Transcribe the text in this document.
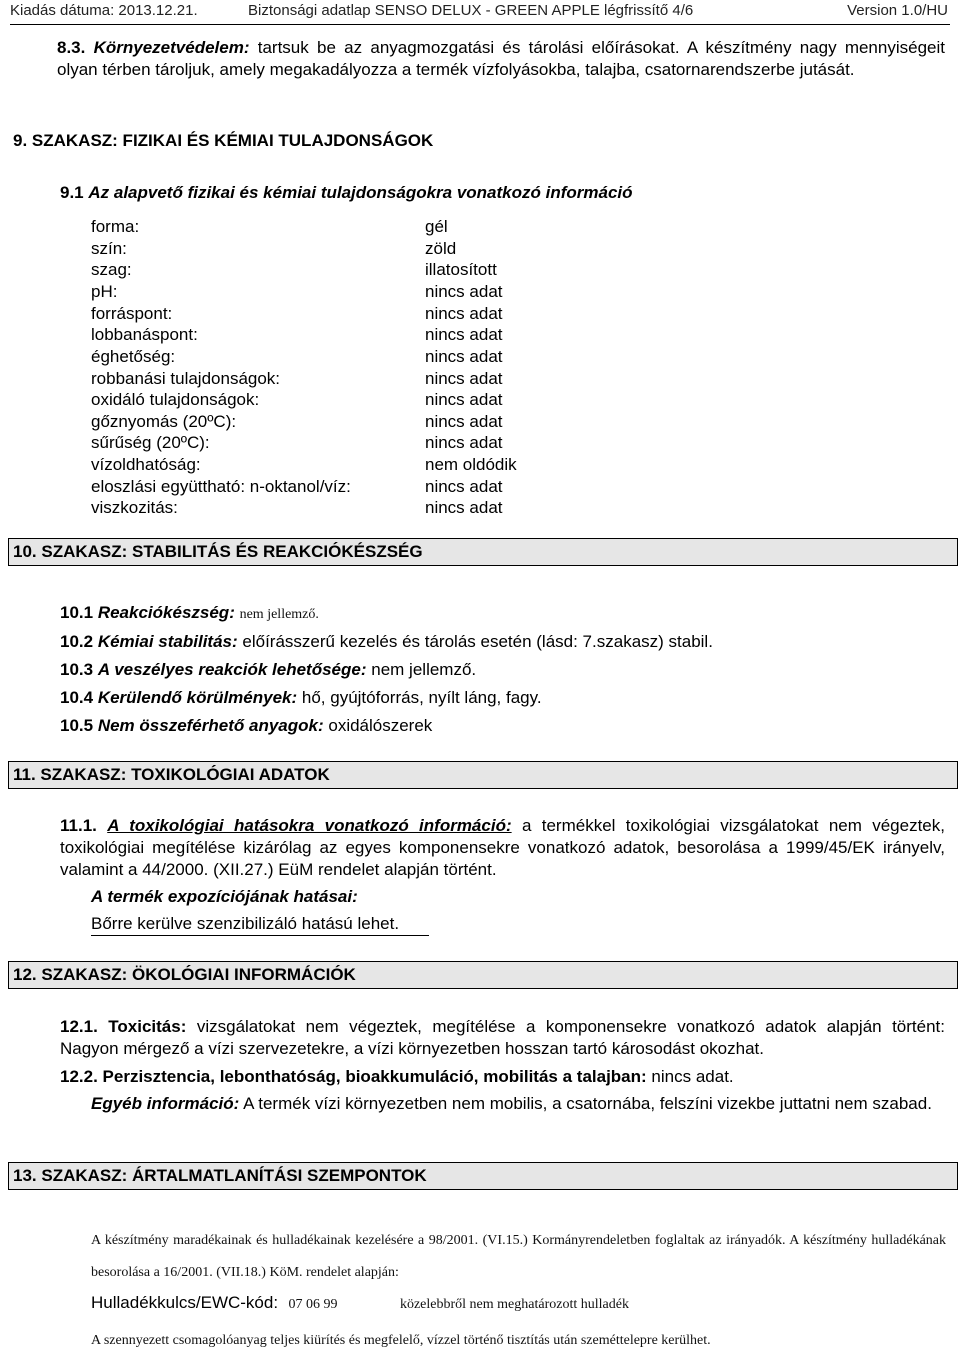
Kiadás dátuma: 2013.12.21.	Biztonsági adatlap SENSO DELUX - GREEN APPLE légfrissítő 4/6	Version 1.0/HU
8.3. Környezetvédelem: tartsuk be az anyagmozgatási és tárolási előírásokat. A készítmény nagy mennyiségeit olyan térben tároljuk, amely megakadályozza a termék vízfolyásokba, talajba, csatornarendszerbe jutását.
9. SZAKASZ: FIZIKAI ÉS KÉMIAI TULAJDONSÁGOK
9.1 Az alapvető fizikai és kémiai tulajdonságokra vonatkozó információ
forma:	gél
szín:	zöld
szag:	illatosított
pH:	nincs adat
forráspont:	nincs adat
lobbanáspont:	nincs adat
éghetőség:	nincs adat
robbanási tulajdonságok:	nincs adat
oxidáló tulajdonságok:	nincs adat
gőznyomás (20ºC):	nincs adat
sűrűség (20ºC):	nincs adat
vízoldhatóság:	nem oldódik
eloszlási együttható: n-oktanol/víz:	nincs adat
viszkozitás:	nincs adat
10. SZAKASZ: STABILITÁS ÉS REAKCIÓKÉSZSÉG
10.1 Reakciókészség: nem jellemző.
10.2 Kémiai stabilitás: előírásszerű kezelés és tárolás esetén (lásd: 7.szakasz) stabil.
10.3 A veszélyes reakciók lehetősége: nem jellemző.
10.4 Kerülendő körülmények: hő, gyújtóforrás, nyílt láng, fagy.
10.5 Nem összeférhető anyagok: oxidálószerek
11. SZAKASZ: TOXIKOLÓGIAI ADATOK
11.1. A toxikológiai hatásokra vonatkozó információ: a termékkel toxikológiai vizsgálatokat nem végeztek, toxikológiai megítélése kizárólag az egyes komponensekre vonatkozó adatok, besorolása a 1999/45/EK irányelv, valamint a 44/2000. (XII.27.) EüM rendelet alapján történt.
A termék expozíciójának hatásai:
Bőrre kerülve szenzibilizáló hatású lehet.
12. SZAKASZ: ÖKOLÓGIAI INFORMÁCIÓK
12.1. Toxicitás: vizsgálatokat nem végeztek, megítélése a komponensekre vonatkozó adatok alapján történt: Nagyon mérgező a vízi szervezetekre, a vízi környezetben hosszan tartó károsodást okozhat.
12.2. Perzisztencia, lebonthatóság, bioakkumuláció, mobilitás a talajban: nincs adat.
Egyéb információ: A termék vízi környezetben nem mobilis, a csatornába, felszíni vizekbe juttatni nem szabad.
13. SZAKASZ: ÁRTALMATLANÍTÁSI SZEMPONTOK
A készítmény maradékainak és hulladékainak kezelésére a 98/2001. (VI.15.) Kormányrendeletben foglaltak az irányadók. A készítmény hulladékának besorolása a 16/2001. (VII.18.) KöM. rendelet alapján:
Hulladékkulcs/EWC-kód: 07 06 99	közelebbről nem meghatározott hulladék
A szennyezett csomagolóanyag teljes kiürítés és megfelelő, vízzel történő tisztítás után szeméttelepre kerülhet.
